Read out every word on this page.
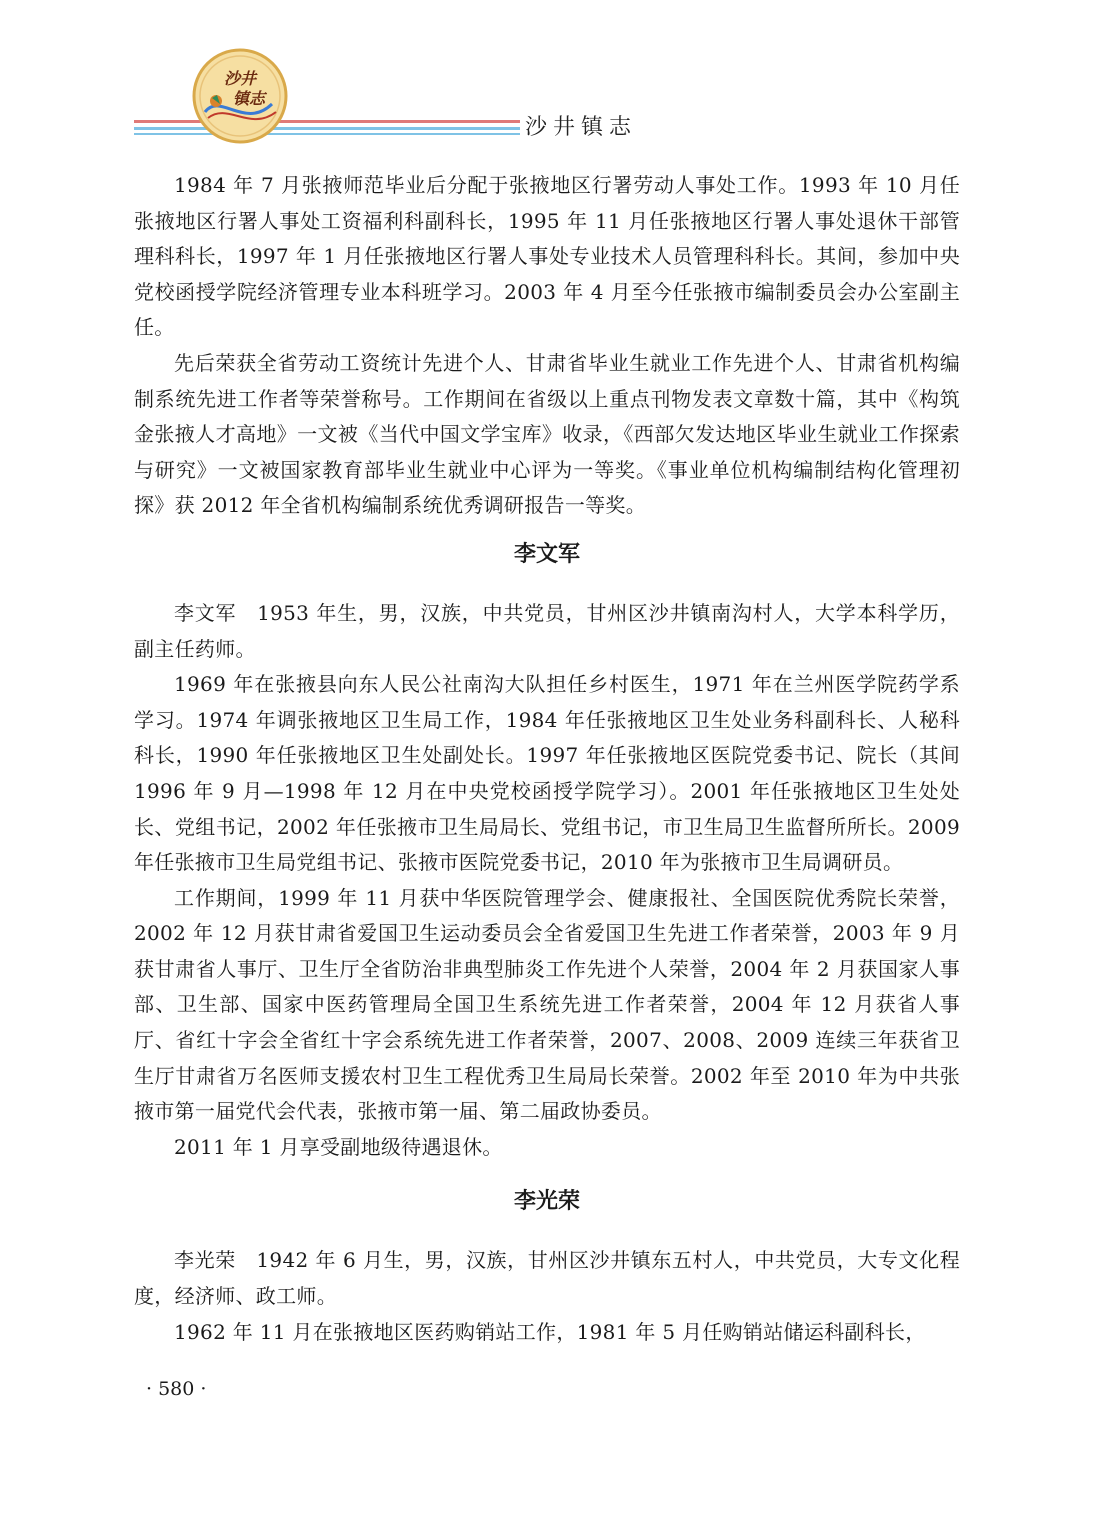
沙井
镇志
沙井镇志

1984 年 7 月张掖师范毕业后分配于张掖地区行署劳动人事处工作。1993 年 10 月任张掖地区行署人事处工资福利科副科长，1995 年 11 月任张掖地区行署人事处退休干部管理科科长，1997 年 1 月任张掖地区行署人事处专业技术人员管理科科长。其间，参加中央党校函授学院经济管理专业本科班学习。2003 年 4 月至今任张掖市编制委员会办公室副主任。

先后荣获全省劳动工资统计先进个人、甘肃省毕业生就业工作先进个人、甘肃省机构编制系统先进工作者等荣誉称号。工作期间在省级以上重点刊物发表文章数十篇，其中《构筑金张掖人才高地》一文被《当代中国文学宝库》收录，《西部欠发达地区毕业生就业工作探索与研究》一文被国家教育部毕业生就业中心评为一等奖。《事业单位机构编制结构化管理初探》获 2012 年全省机构编制系统优秀调研报告一等奖。

李文军

李文军　1953 年生，男，汉族，中共党员，甘州区沙井镇南沟村人，大学本科学历，副主任药师。

1969 年在张掖县向东人民公社南沟大队担任乡村医生，1971 年在兰州医学院药学系学习。1974 年调张掖地区卫生局工作，1984 年任张掖地区卫生处业务科副科长、人秘科科长，1990 年任张掖地区卫生处副处长。1997 年任张掖地区医院党委书记、院长（其间 1996 年 9 月—1998 年 12 月在中央党校函授学院学习）。2001 年任张掖地区卫生处处长、党组书记，2002 年任张掖市卫生局局长、党组书记，市卫生局卫生监督所所长。2009 年任张掖市卫生局党组书记、张掖市医院党委书记，2010 年为张掖市卫生局调研员。

工作期间，1999 年 11 月获中华医院管理学会、健康报社、全国医院优秀院长荣誉，2002 年 12 月获甘肃省爱国卫生运动委员会全省爱国卫生先进工作者荣誉，2003 年 9 月获甘肃省人事厅、卫生厅全省防治非典型肺炎工作先进个人荣誉，2004 年 2 月获国家人事部、卫生部、国家中医药管理局全国卫生系统先进工作者荣誉，2004 年 12 月获省人事厅、省红十字会全省红十字会系统先进工作者荣誉，2007、2008、2009 连续三年获省卫生厅甘肃省万名医师支援农村卫生工程优秀卫生局局长荣誉。2002 年至 2010 年为中共张掖市第一届党代会代表，张掖市第一届、第二届政协委员。

2011 年 1 月享受副地级待遇退休。

李光荣

李光荣　1942 年 6 月生，男，汉族，甘州区沙井镇东五村人，中共党员，大专文化程度，经济师、政工师。

1962 年 11 月在张掖地区医药购销站工作，1981 年 5 月任购销站储运科副科长，

· 580 ·
